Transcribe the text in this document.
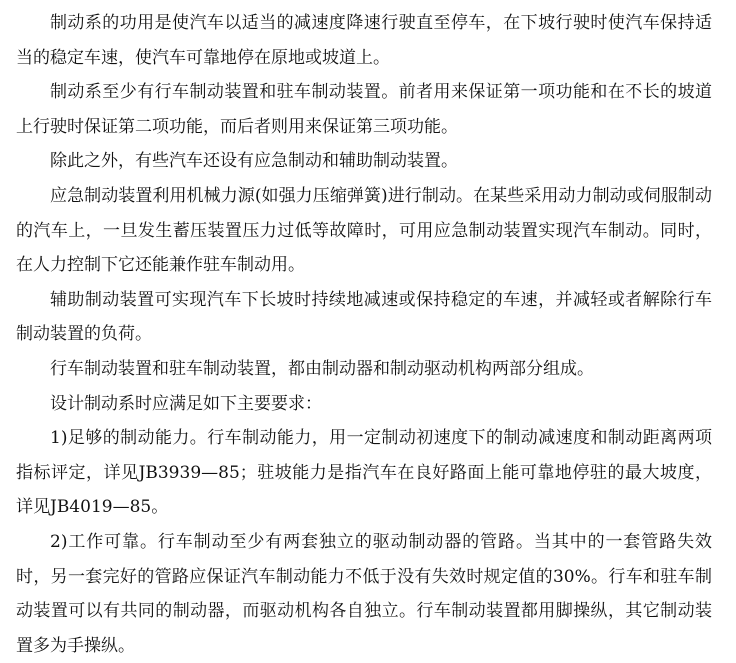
制动系的功用是使汽车以适当的减速度降速行驶直至停车，在下坡行驶时使汽车保持适当的稳定车速，使汽车可靠地停在原地或坡道上。

制动系至少有行车制动装置和驻车制动装置。前者用来保证第一项功能和在不长的坡道上行驶时保证第二项功能，而后者则用来保证第三项功能。

除此之外，有些汽车还设有应急制动和辅助制动装置。

应急制动装置利用机械力源(如强力压缩弹簧)进行制动。在某些采用动力制动或伺服制动的汽车上，一旦发生蓄压装置压力过低等故障时，可用应急制动装置实现汽车制动。同时，在人力控制下它还能兼作驻车制动用。

辅助制动装置可实现汽车下长坡时持续地减速或保持稳定的车速，并减轻或者解除行车制动装置的负荷。

行车制动装置和驻车制动装置，都由制动器和制动驱动机构两部分组成。

设计制动系时应满足如下主要要求：

1)足够的制动能力。行车制动能力，用一定制动初速度下的制动减速度和制动距离两项指标评定，详见JB3939—85；驻坡能力是指汽车在良好路面上能可靠地停驻的最大坡度，详见JB4019—85。

2)工作可靠。行车制动至少有两套独立的驱动制动器的管路。当其中的一套管路失效时，另一套完好的管路应保证汽车制动能力不低于没有失效时规定值的30%。行车和驻车制动装置可以有共同的制动器，而驱动机构各自独立。行车制动装置都用脚操纵，其它制动装置多为手操纵。
